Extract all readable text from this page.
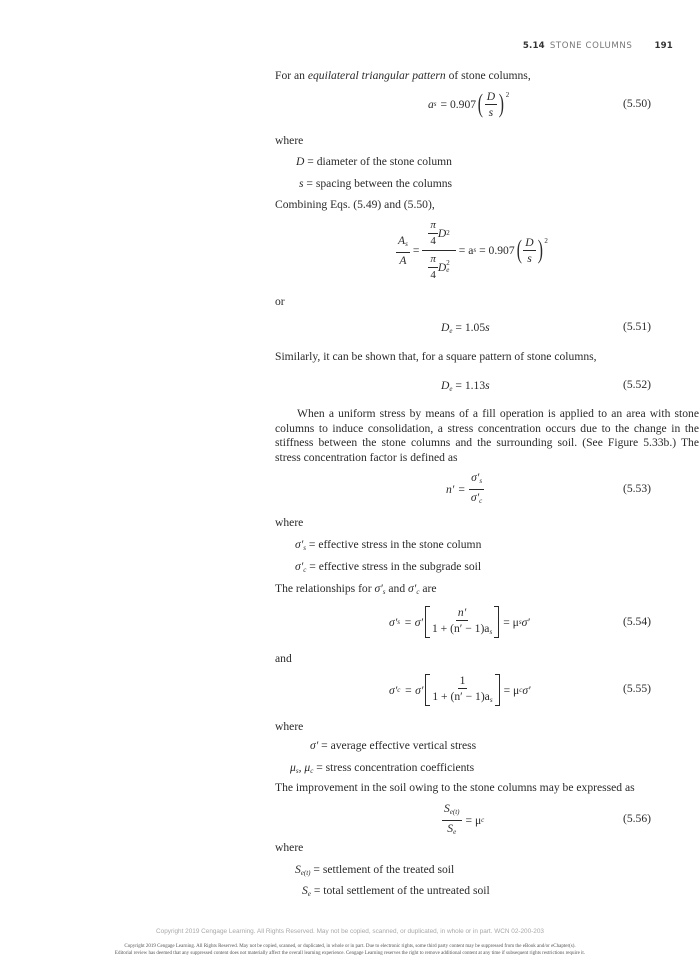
5.14 STONE COLUMNS	191
For an equilateral triangular pattern of stone columns,
a s = 0.907 ( $\frac{D}{s} )^2$
(5.50)
where
D = diameter of the stone column
s = spacing between the columns
Combining Eqs. (5.49) and (5.50),
$\frac{A_s}{A} = \frac{\pi}{4}$ D 2
$\frac{\pi}{4}$ D 2
e = a s = 0.907 ( $\frac{D}{s} )^2$
or
$D_e = 1.05s$	(5.51)
Similarly, it can be shown that, for a square pattern of stone columns,
$D_e = 1.13s$	(5.52)
When a uniform stress by means of a fill operation is applied to an area with stone columns to induce consolidation, a stress concentration occurs due to the change in the stiffness between the stone columns and the surrounding soil. (See Figure 5.33b.) The stress concentration factor is defined as
$n' = \frac{\sigma'_s}{\sigma'_c}$	(5.53)
where
$\sigma'_s$ = effective stress in the stone column
$\sigma'_c$ = effective stress in the subgrade soil
The relationships for $\sigma'_s$ and $\sigma'_c$ are
σ′ $s = \sigma' \frac{n'}{1 + (n' - 1)a_s} = \mu$ s σ′	(5.54)
and
σ′ $c = \sigma' \frac{1}{1 + (n' - 1)a_s} = \mu$ c σ′	(5.55)
where
σ′ = average effective vertical stress
$\mu_s$, $\mu_c$ = stress concentration coefficients
The improvement in the soil owing to the stone columns may be expressed as
$\frac{S_{e(t)}}{S_e} = \mu$ c	(5.56)
where
$S_{e(t)}$ = settlement of the treated soil
$S_e$ = total settlement of the untreated soil
Copyright 2019 Cengage Learning. All Rights Reserved. May not be copied, scanned, or duplicated, in whole or in part. WCN 02-200-203
Copyright 2019 Cengage Learning. All Rights Reserved. May not be copied, scanned, or duplicated, in whole or in part. Due to electronic rights, some third party content may be suppressed from the eBook and/or eChapter(s).
Editorial review has deemed that any suppressed content does not materially affect the overall learning experience. Cengage Learning reserves the right to remove additional content at any time if subsequent rights restrictions require it.
